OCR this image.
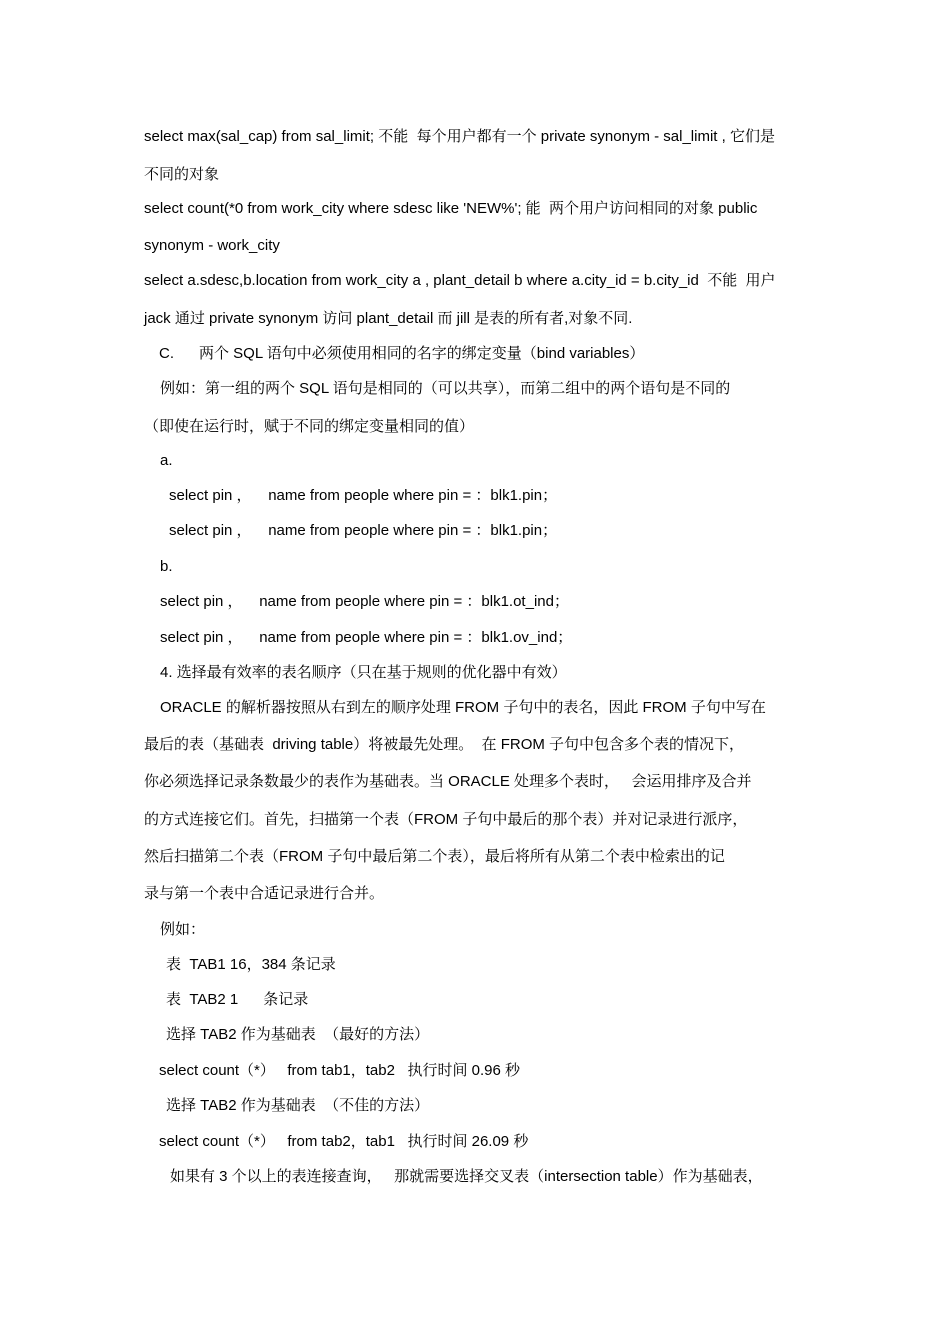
select max(sal_cap) from sal_limit; 不能  每个用户都有一个 private synonym - sal_limit , 它们是
不同的对象
select count(*0 from work_city where sdesc like 'NEW%'; 能  两个用户访问相同的对象 public
synonym - work_city
select a.sdesc,b.location from work_city a , plant_detail b where a.city_id = b.city_id  不能  用户
jack 通过 private synonym 访问 plant_detail 而 jill 是表的所有者,对象不同.
C.      两个 SQL 语句中必须使用相同的名字的绑定变量（bind variables）
例如：第一组的两个 SQL 语句是相同的（可以共享），而第二组中的两个语句是不同的
（即使在运行时，赋于不同的绑定变量相同的值）
a.
select pin ，    name from people where pin = ：blk1.pin；
select pin ，    name from people where pin = ：blk1.pin；
b.
select pin ，    name from people where pin = ：blk1.ot_ind；
select pin ，    name from people where pin = ：blk1.ov_ind；
4. 选择最有效率的表名顺序（只在基于规则的优化器中有效）
ORACLE 的解析器按照从右到左的顺序处理 FROM 子句中的表名，因此 FROM 子句中写在
最后的表（基础表  driving table）将被最先处理。  在 FROM 子句中包含多个表的情况下，
你必须选择记录条数最少的表作为基础表。当 ORACLE 处理多个表时，   会运用排序及合并
的方式连接它们。首先，扫描第一个表（FROM 子句中最后的那个表）并对记录进行派序，
然后扫描第二个表（FROM 子句中最后第二个表），最后将所有从第二个表中检索出的记
录与第一个表中合适记录进行合并。
例如：
表  TAB1 16，384 条记录
表  TAB2 1      条记录
选择 TAB2 作为基础表  （最好的方法）
select count（*）   from tab1，tab2   执行时间 0.96 秒
选择 TAB2 作为基础表  （不佳的方法）
select count（*）   from tab2，tab1   执行时间 26.09 秒
如果有 3 个以上的表连接查询，   那就需要选择交叉表（intersection table）作为基础表，
